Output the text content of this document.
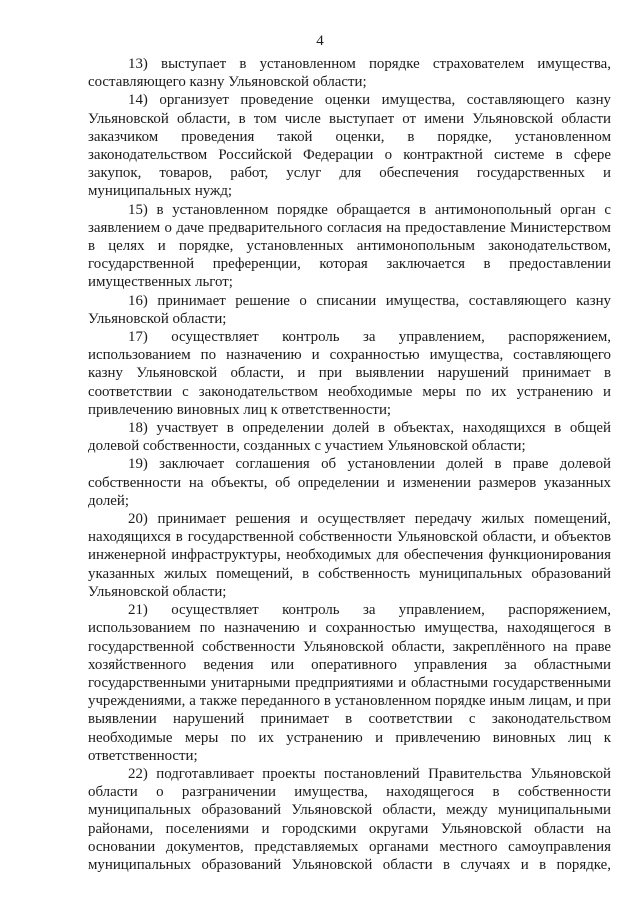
4

13) выступает в установленном порядке страхователем имущества, составляющего казну Ульяновской области;

14) организует проведение оценки имущества, составляющего казну Ульяновской области, в том числе выступает от имени Ульяновской области заказчиком проведения такой оценки, в порядке, установленном законодательством Российской Федерации о контрактной системе в сфере закупок, товаров, работ, услуг для обеспечения государственных и муниципальных нужд;

15) в установленном порядке обращается в антимонопольный орган с заявлением о даче предварительного согласия на предоставление Министерством в целях и порядке, установленных антимонопольным законодательством, государственной преференции, которая заключается в предоставлении имущественных льгот;

16) принимает решение о списании имущества, составляющего казну Ульяновской области;

17) осуществляет контроль за управлением, распоряжением, использованием по назначению и сохранностью имущества, составляющего казну Ульяновской области, и при выявлении нарушений принимает в соответствии с законодательством необходимые меры по их устранению и привлечению виновных лиц к ответственности;

18) участвует в определении долей в объектах, находящихся в общей долевой собственности, созданных с участием Ульяновской области;

19) заключает соглашения об установлении долей в праве долевой собственности на объекты, об определении и изменении размеров указанных долей;

20) принимает решения и осуществляет передачу жилых помещений, находящихся в государственной собственности Ульяновской области, и объектов инженерной инфраструктуры, необходимых для обеспечения функционирования указанных жилых помещений, в собственность муниципальных образований Ульяновской области;

21) осуществляет контроль за управлением, распоряжением, использованием по назначению и сохранностью имущества, находящегося в государственной собственности Ульяновской области, закреплённого на праве хозяйственного ведения или оперативного управления за областными государственными унитарными предприятиями и областными государственными учреждениями, а также переданного в установленном порядке иным лицам, и при выявлении нарушений принимает в соответствии с законодательством необходимые меры по их устранению и привлечению виновных лиц к ответственности;

22) подготавливает проекты постановлений Правительства Ульяновской области о разграничении имущества, находящегося в собственности муниципальных образований Ульяновской области, между муниципальными районами, поселениями и городскими округами Ульяновской области на основании документов, представляемых органами местного самоуправления муниципальных образований Ульяновской области в случаях и в порядке,
